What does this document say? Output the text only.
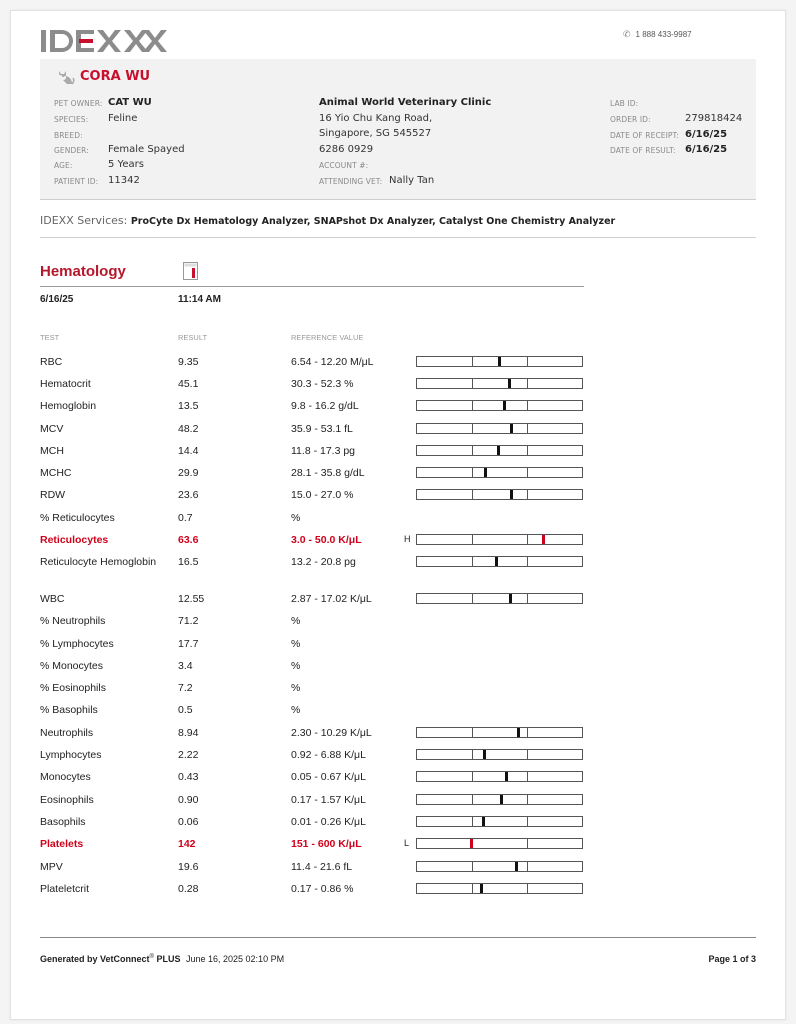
✆ 1 888 433-9987
CORA WU
PET OWNER: CAT WU
SPECIES: Feline
BREED:
GENDER: Female Spayed
AGE:	5 Years
PATIENT ID: 11342
Animal World Veterinary Clinic
16 Yio Chu Kang Road,
Singapore, SG 545527
6286 0929
ACCOUNT #:
ATTENDING VET: Nally Tan
LAB ID:
ORDER ID:	279818424
DATE OF RECEIPT: 6/16/25
DATE OF RESULT: 6/16/25
IDEXX Services: ProCyte Dx Hematology Analyzer, SNAPshot Dx Analyzer, Catalyst One Chemistry Analyzer
Hematology
6/16/25	11:14 AM
TEST	RESULT	REFERENCE VALUE
RBC	9.35	6.54 - 12.20 M/μL
Hematocrit	45.1	30.3 - 52.3 %
Hemoglobin	13.5	9.8 - 16.2 g/dL
MCV	48.2	35.9 - 53.1 fL
MCH	14.4	11.8 - 17.3 pg
MCHC	29.9	28.1 - 35.8 g/dL
RDW	23.6	15.0 - 27.0 %
% Reticulocytes	0.7	%
Reticulocytes	63.6	3.0 - 50.0 K/μL	H
Reticulocyte Hemoglobin	16.5	13.2 - 20.8 pg
WBC	12.55	2.87 - 17.02 K/μL
% Neutrophils	71.2	%
% Lymphocytes	17.7	%
% Monocytes	3.4	%
% Eosinophils	7.2	%
% Basophils	0.5	%
Neutrophils	8.94	2.30 - 10.29 K/μL
Lymphocytes	2.22	0.92 - 6.88 K/μL
Monocytes	0.43	0.05 - 0.67 K/μL
Eosinophils	0.90	0.17 - 1.57 K/μL
Basophils	0.06	0.01 - 0.26 K/μL
Platelets	142	151 - 600 K/μL	L
MPV	19.6	11.4 - 21.6 fL
Plateletcrit	0.28	0.17 - 0.86 %
Generated by VetConnect® PLUS June 16, 2025 02:10 PM	Page 1 of 3
